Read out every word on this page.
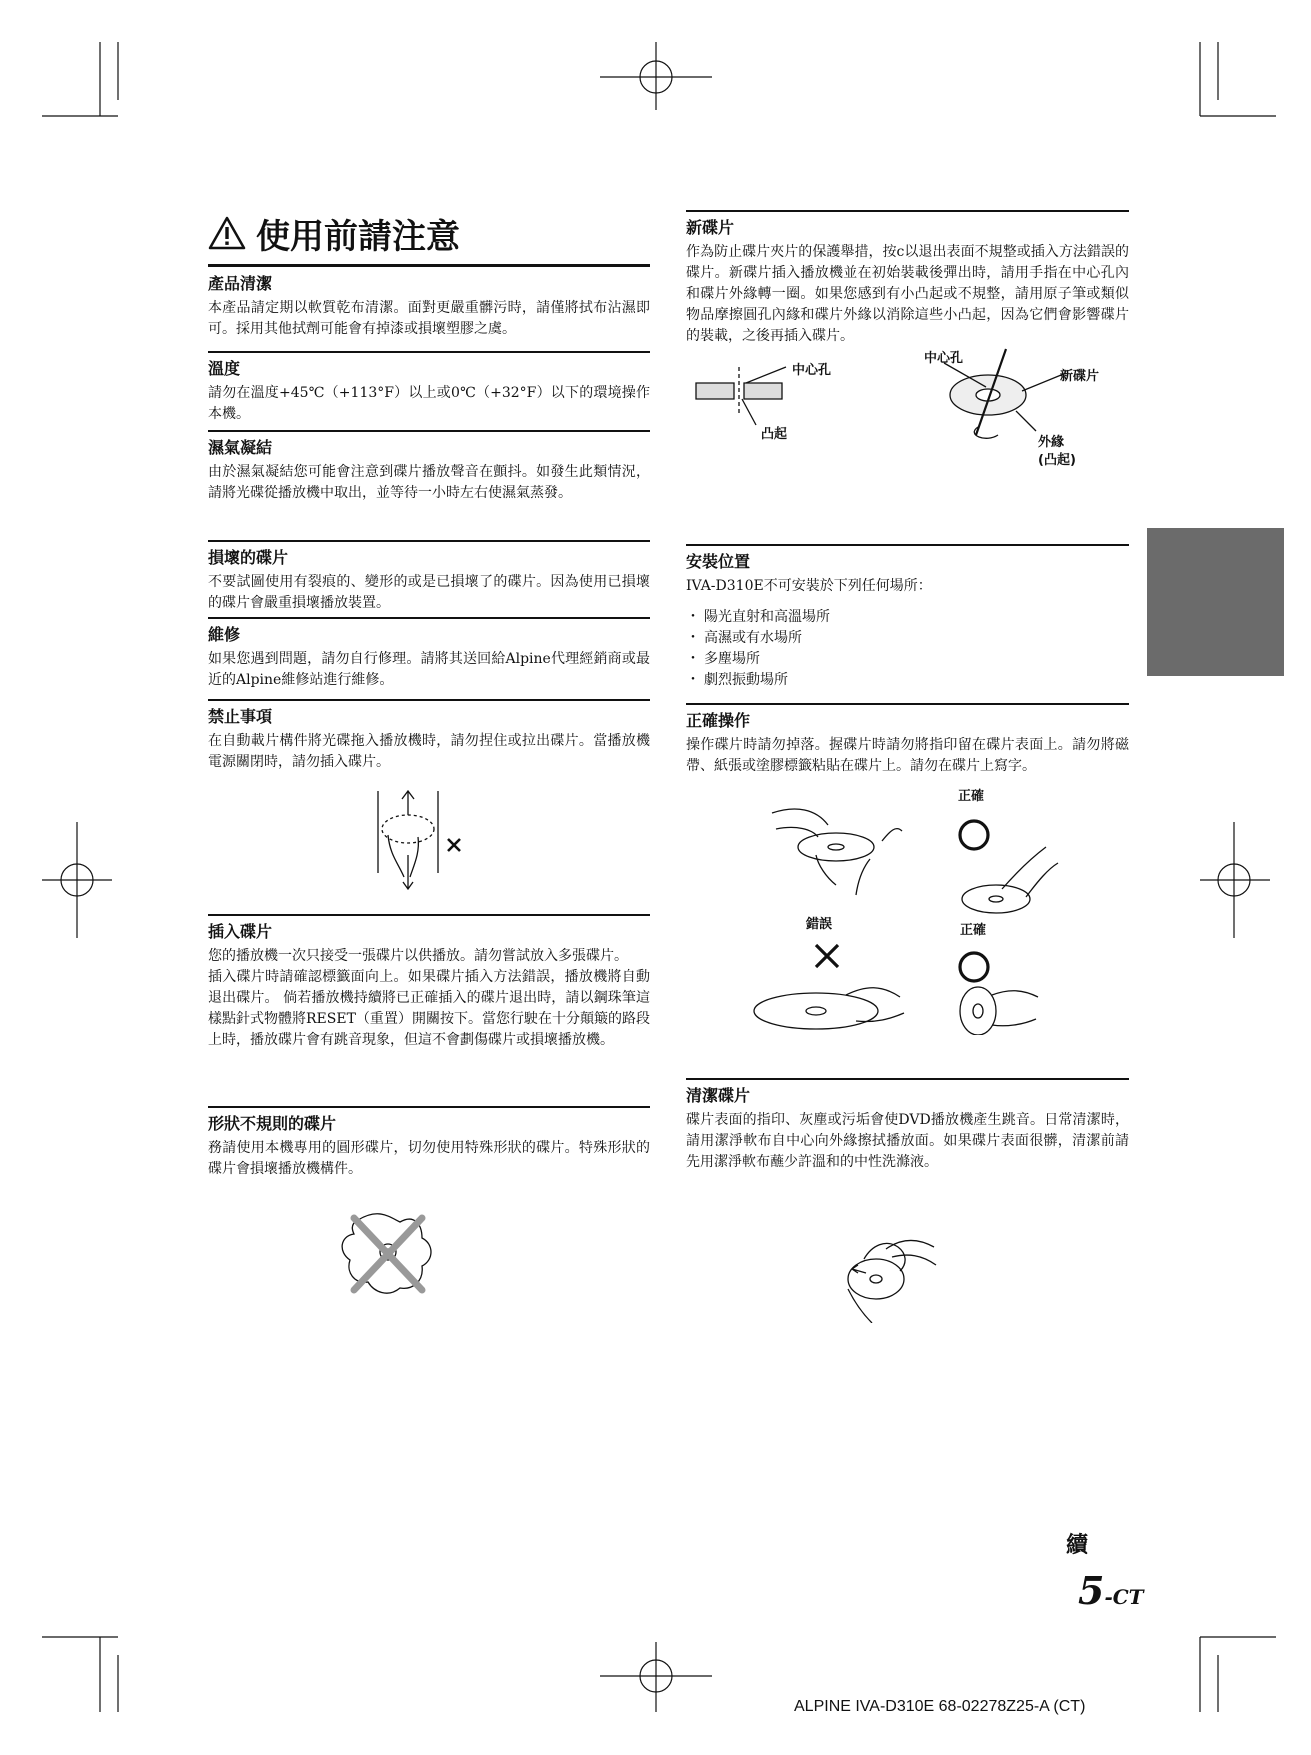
使用前請注意
產品清潔

本產品請定期以軟質乾布清潔。面對更嚴重髒污時，請僅將拭布沾濕即可。採用其他拭劑可能會有掉漆或損壞塑膠之虞。

溫度

請勿在溫度+45℃（+113°F）以上或0℃（+32°F）以下的環境操作本機。

濕氣凝結

由於濕氣凝結您可能會注意到碟片播放聲音在顫抖。如發生此類情況，請將光碟從播放機中取出，並等待一小時左右使濕氣蒸發。

損壞的碟片

不要試圖使用有裂痕的、變形的或是已損壞了的碟片。因為使用已損壞的碟片會嚴重損壞播放裝置。

維修

如果您遇到問題，請勿自行修理。請將其送回給Alpine代理經銷商或最近的Alpine維修站進行維修。

禁止事項

在自動載片構件將光碟拖入播放機時，請勿捏住或拉出碟片。當播放機電源關閉時，請勿插入碟片。

插入碟片

您的播放機一次只接受一張碟片以供播放。請勿嘗試放入多張碟片。

插入碟片時請確認標籤面向上。如果碟片插入方法錯誤，播放機將自動退出碟片。 倘若播放機持續將已正確插入的碟片退出時，請以鋼珠筆這樣點針式物體將RESET（重置）開關按下。當您行駛在十分顛簸的路段上時，播放碟片會有跳音現象，但這不會劃傷碟片或損壞播放機。

形狀不規則的碟片

務請使用本機專用的圓形碟片，切勿使用特殊形狀的碟片。特殊形狀的碟片會損壞播放機構件。

新碟片

作為防止碟片夾片的保護舉措，按c以退出表面不規整或插入方法錯誤的碟片。新碟片插入播放機並在初始裝載後彈出時，請用手指在中心孔內和碟片外緣轉一圈。如果您感到有小凸起或不規整，請用原子筆或類似物品摩擦圓孔內緣和碟片外緣以消除這些小凸起，因為它們會影響碟片的裝載，之後再插入碟片。

中心孔
凸起
中心孔
新碟片
外緣
(凸起)
安裝位置

IVA-D310E不可安裝於下列任何場所：

・ 陽光直射和高溫場所
・ 高濕或有水場所
・ 多塵場所
・ 劇烈振動場所
正確操作

操作碟片時請勿掉落。握碟片時請勿將指印留在碟片表面上。請勿將磁帶、紙張或塗膠標籤粘貼在碟片上。請勿在碟片上寫字。

正確
錯誤	正確
清潔碟片

碟片表面的指印、灰塵或污垢會使DVD播放機產生跳音。日常清潔時，請用潔淨軟布自中心向外緣擦拭播放面。如果碟片表面很髒，清潔前請先用潔淨軟布蘸少許溫和的中性洗滌液。

續
5-CT
ALPINE IVA-D310E 68-02278Z25-A (CT)
